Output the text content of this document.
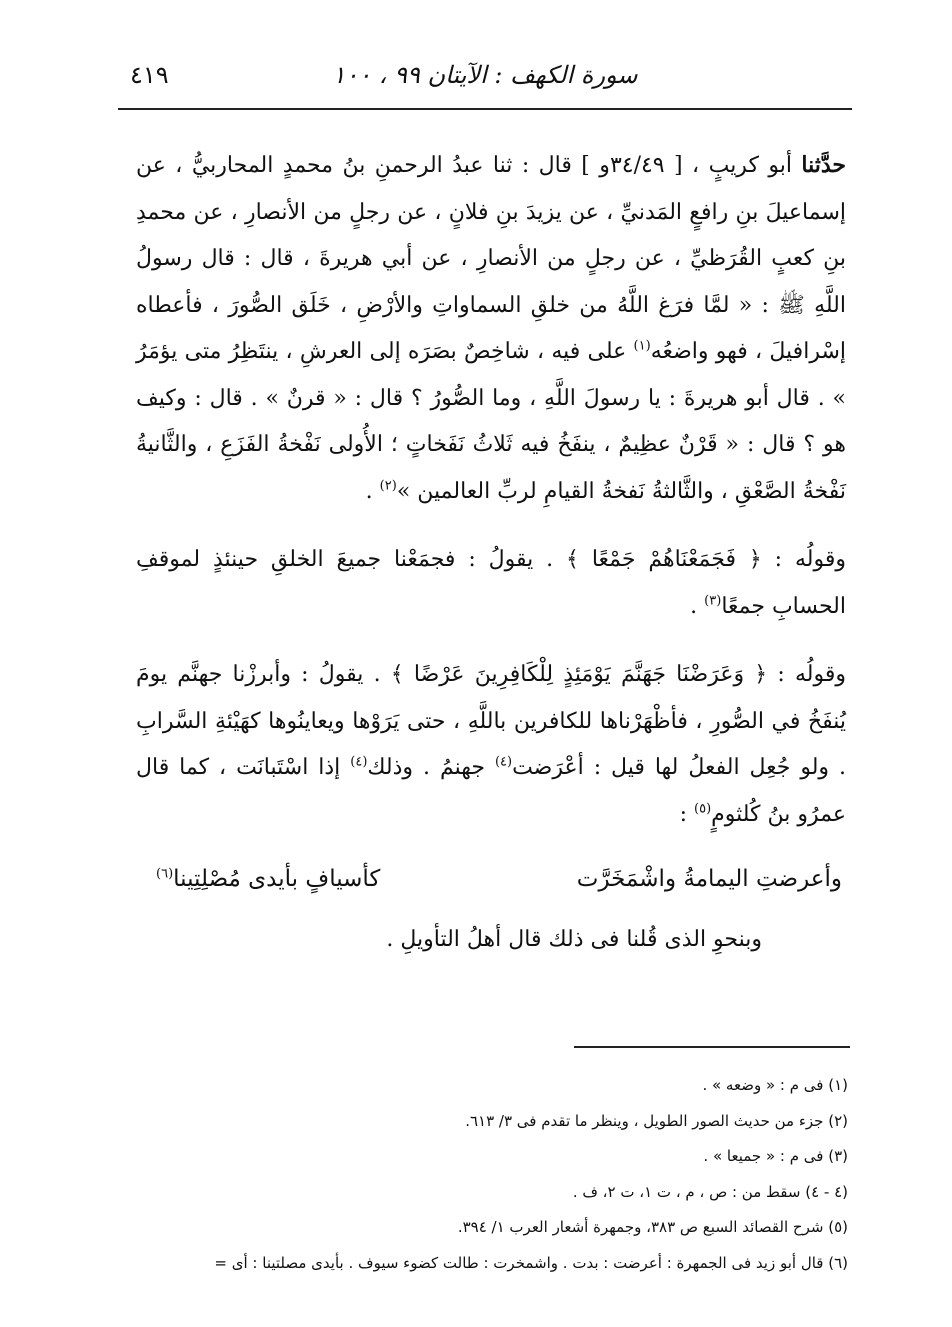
سورة الكهف : الآيتان ٩٩ ، ١٠٠
٤١٩

حدَّثنا أبو كريبٍ ، [ ٣٤/٤٩و ] قال : ثنا عبدُ الرحمنِ بنُ محمدٍ المحاربيُّ ، عن إسماعيلَ بنِ رافعٍ المَدنيِّ ، عن يزيدَ بنِ فلانٍ ، عن رجلٍ من الأنصارِ ، عن محمدِ بنِ كعبٍ القُرَظيِّ ، عن رجلٍ من الأنصارِ ، عن أبي هريرةَ ، قال : قال رسولُ اللَّهِ ﷺ : « لمَّا فرَغ اللَّهُ من خلقِ السماواتِ والأرْضِ ، خَلَق الصُّورَ ، فأعطاه إسْرافيلَ ، فهو واضعُه$^{(١)}$ على فيه ، شاخِصٌ بصَرَه إلى العرشِ ، ينتَظِرُ متى يؤمَرُ » . قال أبو هريرةَ : يا رسولَ اللَّهِ ، وما الصُّورُ ؟ قال : « قرنٌ » . قال : وكيف هو ؟ قال : « قَرْنٌ عظِيمٌ ، ينفَخُ فيه ثَلاثُ نَفَخاتٍ ؛ الأُولى نَفْخةُ الفَزَعِ ، والثَّانيةُ نَفْخةُ الصَّعْقِ ، والثَّالثةُ نَفخةُ القيامِ لربِّ العالمين »$^{(٢)}$ .

وقولُه : ﴿ فَجَمَعْنَاهُمْ جَمْعًا ﴾ . يقولُ : فجمَعْنا جميعَ الخلقِ حينئذٍ لموقفِ الحسابِ جمعًا$^{(٣)}$ .

وقولُه : ﴿ وَعَرَضْنَا جَهَنَّمَ يَوْمَئِذٍ لِلْكَافِرِينَ عَرْضًا ﴾ . يقولُ : وأبرزْنا جهنَّم يومَ يُنفَخُ في الصُّورِ ، فأظْهَرْناها للكافرين باللَّهِ ، حتى يَرَوْها ويعاينُوها كهَيْئةِ السَّرابِ . ولو جُعِل الفعلُ لها قيل : أعْرَضت$^{(٤)}$ جهنمُ . وذلك$^{(٤)}$ إذا اسْتَبانَت ، كما قال عمرُو بنُ كُلثومٍ$^{(٥)}$ :

وأعرضتِ اليمامةُ واشْمَخَرَّت
كأسيافٍ بأيدى مُصْلِتِينا$^{(٦)}$

وبنحوِ الذى قُلنا فى ذلك قال أهلُ التأويلِ .

(١) فى م : « وضعه » .

(٢) جزء من حديث الصور الطويل ، وينظر ما تقدم فى ٣/ ٦١٣.

(٣) فى م : « جميعا » .

(٤ - ٤) سقط من : ص ، م ، ت ١، ت ٢، ف .

(٥) شرح القصائد السبع ص ٣٨٣، وجمهرة أشعار العرب ١/ ٣٩٤.

(٦) قال أبو زيد فى الجمهرة : أعرضت : بدت . واشمخرت : طالت كضوء سيوف . بأيدى مصلتينا : أى =
